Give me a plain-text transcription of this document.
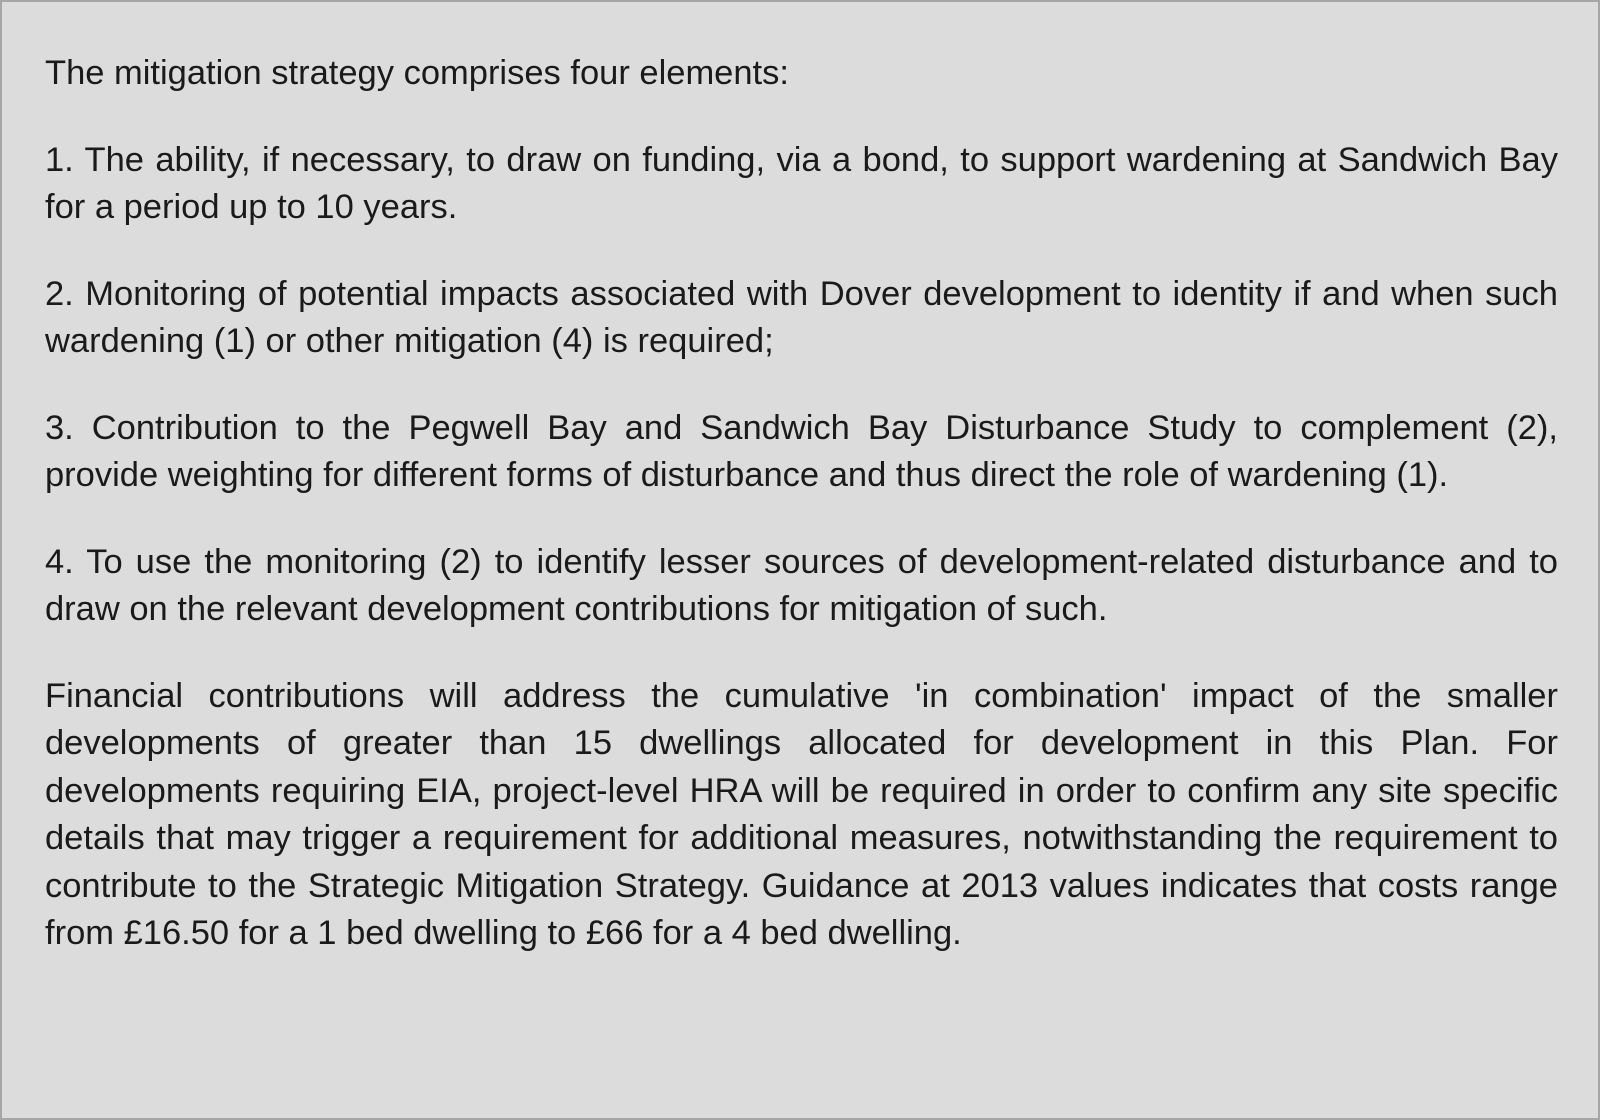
The mitigation strategy comprises four elements:

1. The ability, if necessary, to draw on funding, via a bond, to support wardening at Sandwich Bay for a period up to 10 years.

2. Monitoring of potential impacts associated with Dover development to identity if and when such wardening (1) or other mitigation (4) is required;

3. Contribution to the Pegwell Bay and Sandwich Bay Disturbance Study to complement (2), provide weighting for different forms of disturbance and thus direct the role of wardening (1).

4. To use the monitoring (2) to identify lesser sources of development-related disturbance and to draw on the relevant development contributions for mitigation of such.

Financial contributions will address the cumulative 'in combination' impact of the smaller developments of greater than 15 dwellings allocated for development in this Plan. For developments requiring EIA, project-level HRA will be required in order to confirm any site specific details that may trigger a requirement for additional measures, notwithstanding the requirement to contribute to the Strategic Mitigation Strategy. Guidance at 2013 values indicates that costs range from £16.50 for a 1 bed dwelling to £66 for a 4 bed dwelling.
